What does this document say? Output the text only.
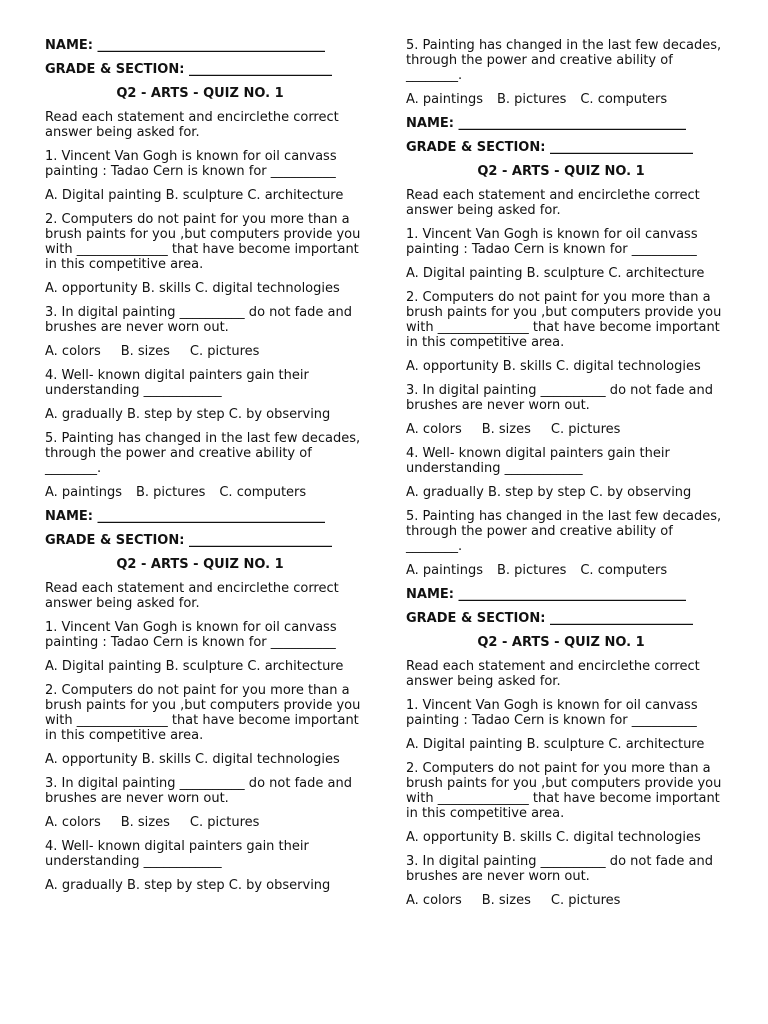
NAME: ___________________________________
GRADE & SECTION: ______________________
Q2 - ARTS - QUIZ NO. 1
Read each statement and encirclethe correct answer being asked for.
1. Vincent Van Gogh is known for oil canvass painting : Tadao Cern is known for __________
A. Digital painting B. sculpture C. architecture
2. Computers do not paint for you more than a brush paints for you ,but computers provide you with ______________ that have become important in this competitive area.
A. opportunity B. skills C. digital technologies
3. In digital painting __________ do not fade and brushes are never worn out.
A. colors B. sizes C. pictures
4. Well- known digital painters gain their understanding ____________
A. gradually B. step by step C. by observing
5. Painting has changed in the last few decades, through the power and creative ability of ________.
A. paintings B. pictures C. computers
NAME: ___________________________________
GRADE & SECTION: ______________________
Q2 - ARTS - QUIZ NO. 1
Read each statement and encirclethe correct answer being asked for.
1. Vincent Van Gogh is known for oil canvass painting : Tadao Cern is known for __________
A. Digital painting B. sculpture C. architecture
2. Computers do not paint for you more than a brush paints for you ,but computers provide you with ______________ that have become important in this competitive area.
A. opportunity B. skills C. digital technologies
3. In digital painting __________ do not fade and brushes are never worn out.
A. colors B. sizes C. pictures
4. Well- known digital painters gain their understanding ____________
A. gradually B. step by step C. by observing
5. Painting has changed in the last few decades, through the power and creative ability of ________.
A. paintings B. pictures C. computers
NAME: ___________________________________
GRADE & SECTION: ______________________
Q2 - ARTS - QUIZ NO. 1
Read each statement and encirclethe correct answer being asked for.
1. Vincent Van Gogh is known for oil canvass painting : Tadao Cern is known for __________
A. Digital painting B. sculpture C. architecture
2. Computers do not paint for you more than a brush paints for you ,but computers provide you with ______________ that have become important in this competitive area.
A. opportunity B. skills C. digital technologies
3. In digital painting __________ do not fade and brushes are never worn out.
A. colors B. sizes C. pictures
4. Well- known digital painters gain their understanding ____________
A. gradually B. step by step C. by observing
5. Painting has changed in the last few decades, through the power and creative ability of ________.
A. paintings B. pictures C. computers
NAME: ___________________________________
GRADE & SECTION: ______________________
Q2 - ARTS - QUIZ NO. 1
Read each statement and encirclethe correct answer being asked for.
1. Vincent Van Gogh is known for oil canvass painting : Tadao Cern is known for __________
A. Digital painting B. sculpture C. architecture
2. Computers do not paint for you more than a brush paints for you ,but computers provide you with ______________ that have become important in this competitive area.
A. opportunity B. skills C. digital technologies
3. In digital painting __________ do not fade and brushes are never worn out.
A. colors B. sizes C. pictures
